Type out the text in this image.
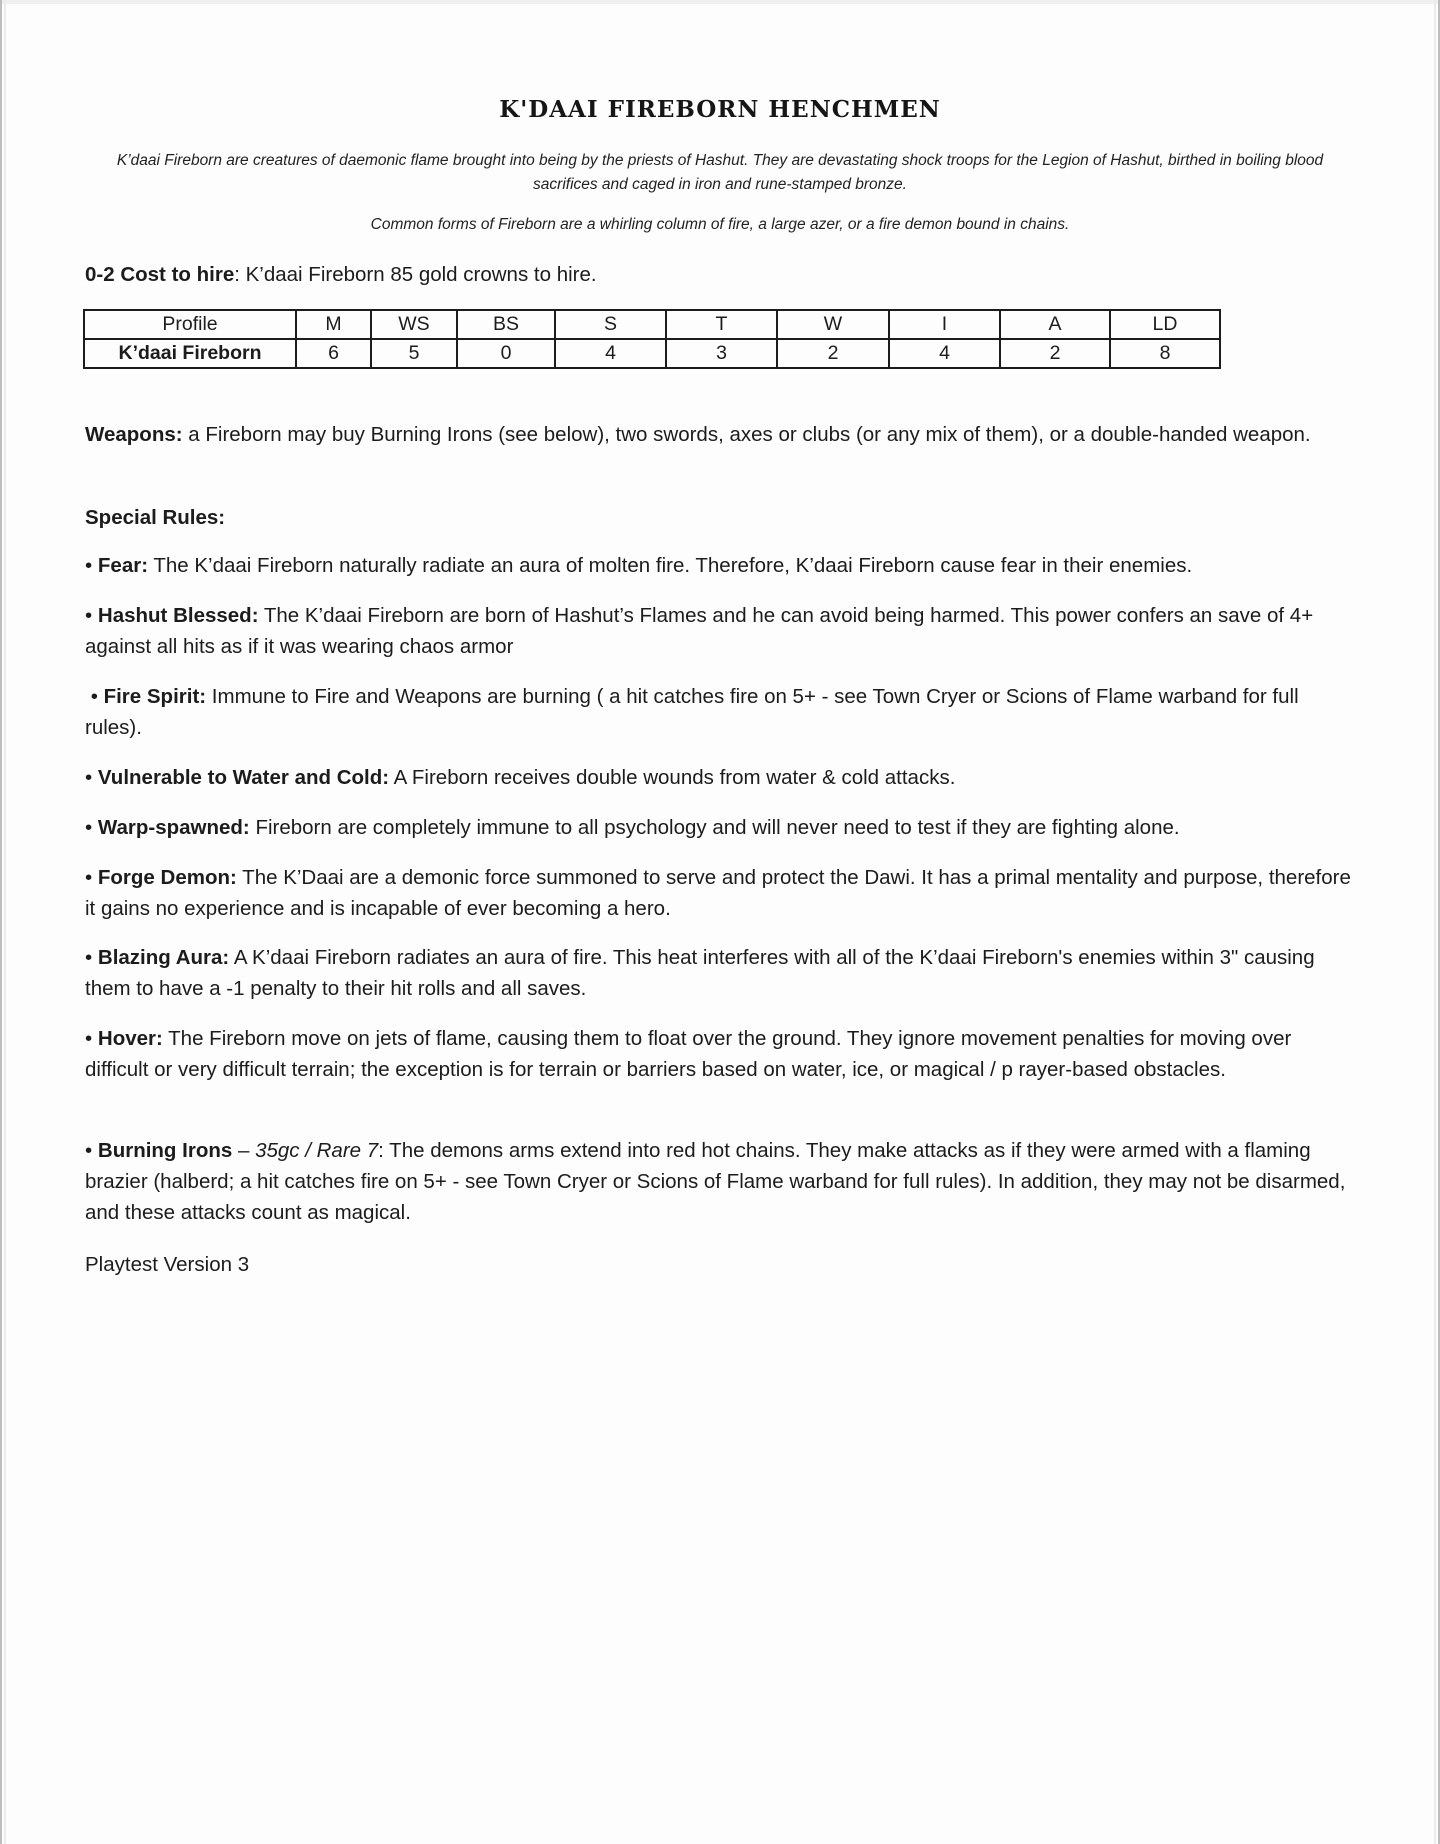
K'DAAI FIREBORN HENCHMEN
K’daai Fireborn are creatures of daemonic flame brought into being by the priests of Hashut. They are devastating shock troops for the Legion of Hashut, birthed in boiling blood sacrifices and caged in iron and rune-stamped bronze.
Common forms of Fireborn are a whirling column of fire, a large azer, or a fire demon bound in chains.
0-2 Cost to hire: K’daai Fireborn 85 gold crowns to hire.
Profile	M	WS	BS	S	T	W	I	A	LD
K’daai Fireborn	6	5	0	4	3	2	4	2	8
Weapons: a Fireborn may buy Burning Irons (see below), two swords, axes or clubs (or any mix of them), or a double-handed weapon.
Special Rules:
• Fear: The K’daai Fireborn naturally radiate an aura of molten fire. Therefore, K’daai Fireborn cause fear in their enemies.
• Hashut Blessed: The K’daai Fireborn are born of Hashut’s Flames and he can avoid being harmed. This power confers an save of 4+ against all hits as if it was wearing chaos armor
• Fire Spirit: Immune to Fire and Weapons are burning ( a hit catches fire on 5+ - see Town Cryer or Scions of Flame warband for full rules).
• Vulnerable to Water and Cold: A Fireborn receives double wounds from water & cold attacks.
• Warp-spawned: Fireborn are completely immune to all psychology and will never need to test if they are fighting alone.
• Forge Demon: The K’Daai are a demonic force summoned to serve and protect the Dawi. It has a primal mentality and purpose, therefore it gains no experience and is incapable of ever becoming a hero.
• Blazing Aura: A K’daai Fireborn radiates an aura of fire. This heat interferes with all of the K’daai Fireborn's enemies within 3" causing them to have a -1 penalty to their hit rolls and all saves.
• Hover: The Fireborn move on jets of flame, causing them to float over the ground. They ignore movement penalties for moving over difficult or very difficult terrain; the exception is for terrain or barriers based on water, ice, or magical / p rayer-based obstacles.
• Burning Irons – 35gc / Rare 7: The demons arms extend into red hot chains. They make attacks as if they were armed with a flaming brazier (halberd; a hit catches fire on 5+ - see Town Cryer or Scions of Flame warband for full rules). In addition, they may not be disarmed, and these attacks count as magical.
Playtest Version 3
